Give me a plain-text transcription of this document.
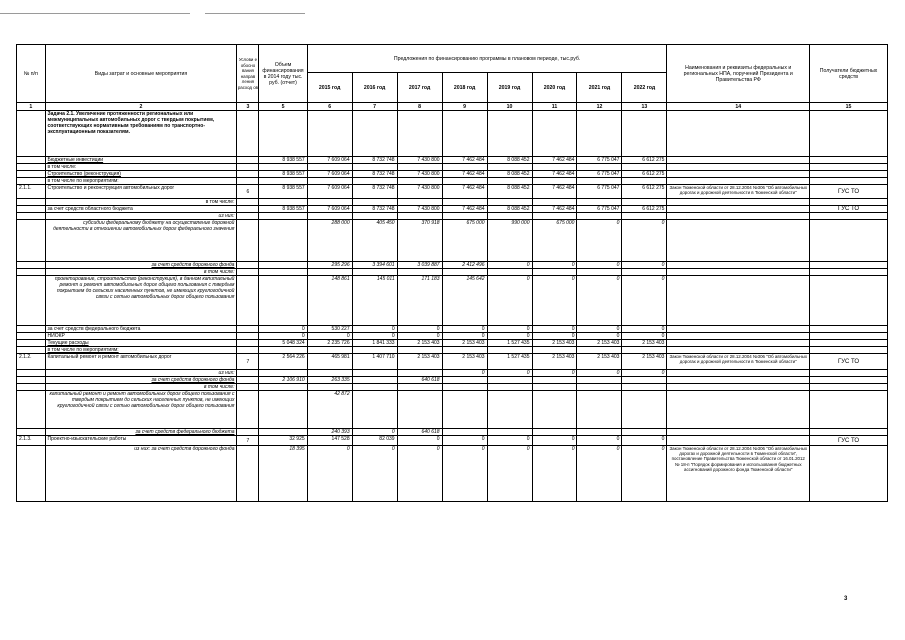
№ п/п	Виды затрат и основные мероприятия	Услови е обосно вания направ ления расход ов	Объем финансирования в 2014 году тыс. руб. (отчет)	Предложения по финансированию программы в плановом периоде, тыс.руб.								Наименования и реквизиты федеральных и региональных НПА, поручений Президента и Правительства РФ	Получатели бюджетных средств
				2015 год	2016 год	2017 год	2018 год	2019 год	2020 год	2021 год	2022 год		
1	2	3	5	6	7	8	9	10	11	12	13	14	15
	Задача 2.1. Увеличение протяженности региональных или межмуниципальных автомобильных дорог с твердым покрытием, соответствующих нормативным требованиям по транспортно-эксплуатационным показателям.												
	Бюджетные инвестиции		8 938 557	7 609 064	8 732 748	7 430 800	7 462 484	8 088 452	7 462 484	6 775 047	6 612 275		
	в том числе:												
	Строительство (реконструкция)		8 938 557	7 609 064	8 732 748	7 430 800	7 462 484	8 088 452	7 462 484	6 775 047	6 612 275		
	в том числе по мероприятиям:												
2.1.1.	Строительство и реконструкция автомобильных дорог	6	8 938 557	7 609 064	8 732 748	7 430 800	7 462 484	8 088 452	7 462 484	6 775 047	6 612 275	Закон Тюменской области от 28.12.2004 №306 "Об автомобильных дорогах и дорожной деятельности в Тюменской области"	ГУС ТО
	в том числе:												
	за счет средств областного бюджета		8 938 557	7 609 064	8 732 748	7 430 800	7 462 484	8 088 452	7 462 484	6 775 047	6 612 275		ГУС ТО
	из них:												
	субсидии федеральному бюджету на осуществление дорожной деятельности в отношении автомобильных дорог федерального значения			288 000	405 450	370 918	675 000	990 000	675 000	0	0		
	за счет средств дорожного фонда			295 296	3 394 601	3 039 887	2 412 496	0	0	0	0		
	в том числе:												
	проектирование, строительство (реконструкция), в данном капитальный ремонт и ремонт автомобильных дорог общего пользования с твердым покрытием до сельских населенных пунктов, не имеющих круглогодичной связи с сетью автомобильных дорог общего пользования			148 861	145 011	171 183	145 642	0	0	0	0		
	за счет средств федерального бюджета		0	530 227	0	0	0	0	0	0	0		
	НИОКР		0	0	0	0	0	0	0	0	0		
	Текущие расходы		5 048 324	2 235 726	1 841 333	2 153 403	2 153 403	1 527 435	2 153 403	2 153 403	2 153 403		
	в том числе по мероприятиям:												
2.1.2.	Капитальный ремонт и ремонт автомобильных дорог	7	2 564 226	465 981	1 407 710	2 153 403	2 153 403	1 527 435	2 153 403	2 153 403	2 153 403	Закон Тюменской области от 28.12.2004 №306 "Об автомобильных дорогах и дорожной деятельности в Тюменской области"	ГУС ТО
	из них:						0	0	0	0	0		
	за счет средств дорожного фонда		2 106 910	263 335		640 618							
	в том числе:												
	капитальный ремонт и ремонт автомобильных дорог общего пользования с твердым покрытием до сельских населенных пунктов, не имеющих круглогодичной связи с сетью автомобильных дорог общего пользования			42 872									
	за счет средств федерального бюджета			240 393	0	640 618							
2.1.3.	Проектно-изыскательские работы	7	32 925	147 528	82 039	0	0	0	0	0	0		ГУС ТО
	из них: за счет средств дорожного фонда		18 395	0	0	0	0	0	0	0	0	Закон Тюменской области от 28.12.2004 №306 "Об автомобильных дорогах и дорожной деятельности в Тюменской области", постановление Правительства Тюменской области от 16.01.2012 № 18-п "Порядок формирования и использования бюджетных ассигнований дорожного фонда Тюменской области"	
3
